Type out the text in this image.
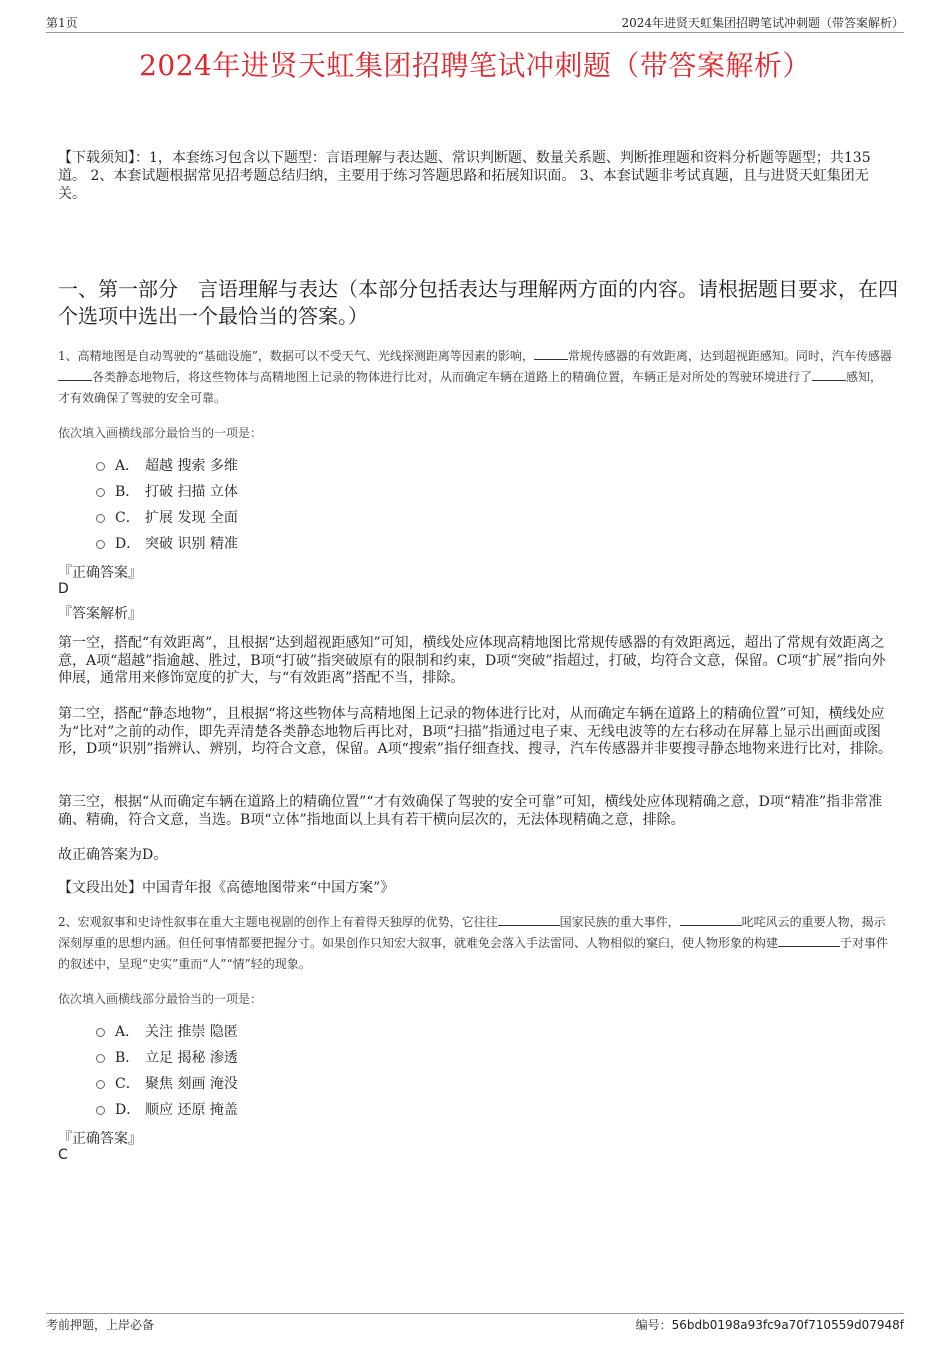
第1页	2024年进贤天虹集团招聘笔试冲刺题（带答案解析）
2024年进贤天虹集团招聘笔试冲刺题（带答案解析）
【下载须知】：1，本套练习包含以下题型：言语理解与表达题、常识判断题、数量关系题、判断推理题和资料分析题等题型；共135道。 2、本套试题根据常见招考题总结归纳，主要用于练习答题思路和拓展知识面。 3、本套试题非考试真题，且与进贤天虹集团无关。
一、第一部分　言语理解与表达（本部分包括表达与理解两方面的内容。请根据题目要求，在四个选项中选出一个最恰当的答案。）
1、高精地图是自动驾驶的“基础设施”，数据可以不受天气、光线探测距离等因素的影响，	常规传感器的有效距离，达到超视距感知。同时，汽车传感器各类静态地物后，将这些物体与高精地图上记录的物体进行比对，从而确定车辆在道路上的精确位置，车辆正是对所处的驾驶环境进行了	感知，才有效确保了驾驶的安全可靠。
依次填入画横线部分最恰当的一项是：
A． 超越 搜索 多维
B． 打破 扫描 立体
C． 扩展 发现 全面
D． 突破 识别 精准
『正确答案』
D
『答案解析』
第一空，搭配“有效距离”，且根据“达到超视距感知”可知，横线处应体现高精地图比常规传感器的有效距离远，超出了常规有效距离之意，A项“超越”指逾越、胜过，B项“打破”指突破原有的限制和约束，D项“突破”指超过，打破，均符合文意，保留。C项“扩展”指向外伸展，通常用来修饰宽度的扩大，与“有效距离”搭配不当，排除。
第二空，搭配“静态地物”，且根据“将这些物体与高精地图上记录的物体进行比对，从而确定车辆在道路上的精确位置”可知，横线处应为“比对”之前的动作，即先弄清楚各类静态地物后再比对，B项“扫描”指通过电子束、无线电波等的左右移动在屏幕上显示出画面或图形，D项“识别”指辨认、辨别，均符合文意，保留。A项“搜索”指仔细查找、搜寻，汽车传感器并非要搜寻静态地物来进行比对，排除。
第三空，根据“从而确定车辆在道路上的精确位置”“才有效确保了驾驶的安全可靠”可知，横线处应体现精确之意，D项“精准”指非常准确、精确，符合文意，当选。B项“立体”指地面以上具有若干横向层次的，无法体现精确之意，排除。
故正确答案为D。
【文段出处】中国青年报《高德地图带来“中国方案”》
2、宏观叙事和史诗性叙事在重大主题电视剧的创作上有着得天独厚的优势，它往往	国家民族的重大事件，	叱咤风云的重要人物，揭示深刻厚重的思想内涵。但任何事情都要把握分寸。如果创作只知宏大叙事，就难免会落入手法雷同、人物相似的窠臼，使人物形象的构建	于对事件的叙述中，呈现“史实”重而“人”“情”轻的现象。
依次填入画横线部分最恰当的一项是：
A． 关注 推崇 隐匿
B． 立足 揭秘 渗透
C． 聚焦 刻画 淹没
D． 顺应 还原 掩盖
『正确答案』
C
考前押题，上岸必备	编号：56bdb0198a93fc9a70f710559d07948f
